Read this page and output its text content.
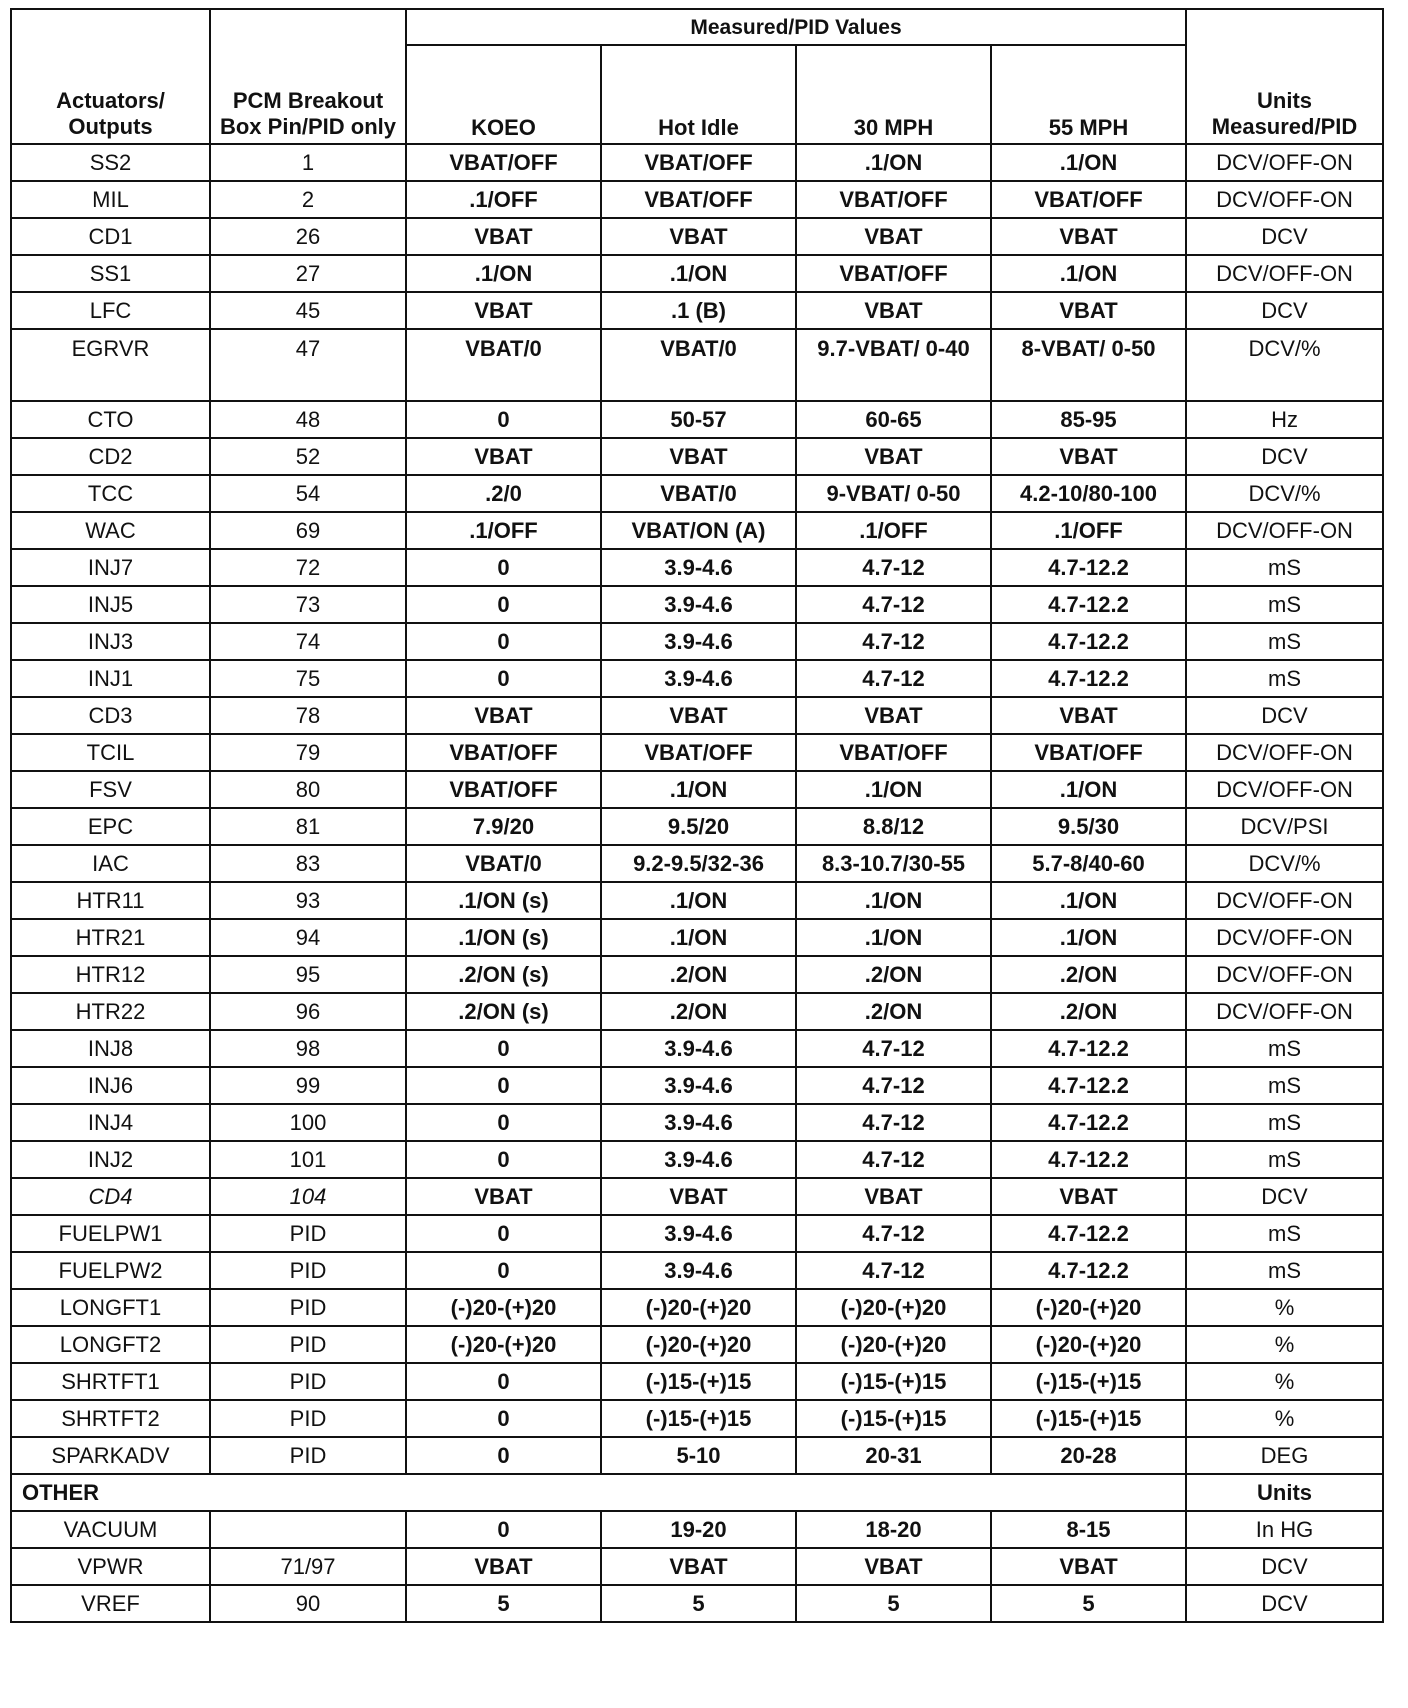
Actuators/ Outputs	PCM Breakout Box Pin/PID only	Measured/PID Values				Units Measured/PID
		KOEO	Hot Idle	30 MPH	55 MPH	
SS2	1	VBAT/OFF	VBAT/OFF	.1/ON	.1/ON	DCV/OFF-ON
MIL	2	.1/OFF	VBAT/OFF	VBAT/OFF	VBAT/OFF	DCV/OFF-ON
CD1	26	VBAT	VBAT	VBAT	VBAT	DCV
SS1	27	.1/ON	.1/ON	VBAT/OFF	.1/ON	DCV/OFF-ON
LFC	45	VBAT	.1 (B)	VBAT	VBAT	DCV
EGRVR	47	VBAT/0	VBAT/0	9.7-VBAT/ 0-40	8-VBAT/ 0-50	DCV/%
CTO	48	0	50-57	60-65	85-95	Hz
CD2	52	VBAT	VBAT	VBAT	VBAT	DCV
TCC	54	.2/0	VBAT/0	9-VBAT/ 0-50	4.2-10/80-100	DCV/%
WAC	69	.1/OFF	VBAT/ON (A)	.1/OFF	.1/OFF	DCV/OFF-ON
INJ7	72	0	3.9-4.6	4.7-12	4.7-12.2	mS
INJ5	73	0	3.9-4.6	4.7-12	4.7-12.2	mS
INJ3	74	0	3.9-4.6	4.7-12	4.7-12.2	mS
INJ1	75	0	3.9-4.6	4.7-12	4.7-12.2	mS
CD3	78	VBAT	VBAT	VBAT	VBAT	DCV
TCIL	79	VBAT/OFF	VBAT/OFF	VBAT/OFF	VBAT/OFF	DCV/OFF-ON
FSV	80	VBAT/OFF	.1/ON	.1/ON	.1/ON	DCV/OFF-ON
EPC	81	7.9/20	9.5/20	8.8/12	9.5/30	DCV/PSI
IAC	83	VBAT/0	9.2-9.5/32-36	8.3-10.7/30-55	5.7-8/40-60	DCV/%
HTR11	93	.1/ON (s)	.1/ON	.1/ON	.1/ON	DCV/OFF-ON
HTR21	94	.1/ON (s)	.1/ON	.1/ON	.1/ON	DCV/OFF-ON
HTR12	95	.2/ON (s)	.2/ON	.2/ON	.2/ON	DCV/OFF-ON
HTR22	96	.2/ON (s)	.2/ON	.2/ON	.2/ON	DCV/OFF-ON
INJ8	98	0	3.9-4.6	4.7-12	4.7-12.2	mS
INJ6	99	0	3.9-4.6	4.7-12	4.7-12.2	mS
INJ4	100	0	3.9-4.6	4.7-12	4.7-12.2	mS
INJ2	101	0	3.9-4.6	4.7-12	4.7-12.2	mS
CD4	104	VBAT	VBAT	VBAT	VBAT	DCV
FUELPW1	PID	0	3.9-4.6	4.7-12	4.7-12.2	mS
FUELPW2	PID	0	3.9-4.6	4.7-12	4.7-12.2	mS
LONGFT1	PID	(-)20-(+)20	(-)20-(+)20	(-)20-(+)20	(-)20-(+)20	%
LONGFT2	PID	(-)20-(+)20	(-)20-(+)20	(-)20-(+)20	(-)20-(+)20	%
SHRTFT1	PID	0	(-)15-(+)15	(-)15-(+)15	(-)15-(+)15	%
SHRTFT2	PID	0	(-)15-(+)15	(-)15-(+)15	(-)15-(+)15	%
SPARKADV	PID	0	5-10	20-31	20-28	DEG
OTHER						Units
VACUUM		0	19-20	18-20	8-15	In HG
VPWR	71/97	VBAT	VBAT	VBAT	VBAT	DCV
VREF	90	5	5	5	5	DCV
